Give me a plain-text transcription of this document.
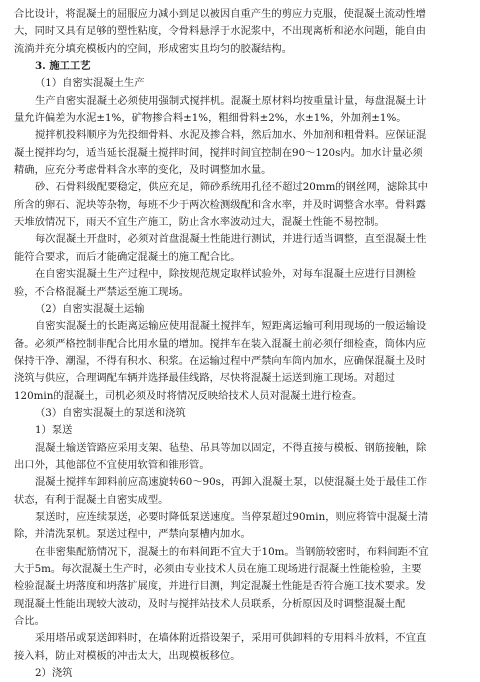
合比设计，将混凝土的屈服应力减小到足以被因自重产生的剪应力克服，使混凝土流动性增
大，同时又具有足够的塑性粘度，令骨料悬浮于水泥浆中，不出现离析和泌水问题，能自由
流淌并充分填充模板内的空间，形成密实且均匀的胶凝结构。
3. 施工工艺
（1）自密实混凝土生产
生产自密实混凝土必须使用强制式搅拌机。混凝土原材料均按重量计量，每盘混凝土计
量允许偏差为水泥±1%，矿物掺合料±1%，粗细骨料±2%，水±1%，外加剂±1%。
搅拌机投料顺序为先投细骨料、水泥及掺合料，然后加水、外加剂和粗骨料。应保证混
凝土搅拌均匀，适当延长混凝土搅拌时间，搅拌时间宜控制在90～120s内。加水计量必须
精确，应充分考虑骨料含水率的变化，及时调整加水量。
砂、石骨料级配要稳定，供应充足，筛砂系统用孔径不超过20mm的钢丝网，滤除其中
所含的卵石、泥块等杂物，每班不少于两次检测级配和含水率，并及时调整含水率。骨料露
天堆放情况下，雨天不宜生产施工，防止含水率波动过大，混凝土性能不易控制。
每次混凝土开盘时，必须对首盘混凝土性能进行测试，并进行适当调整，直至混凝土性
能符合要求，而后才能确定混凝土的施工配合比。
在自密实混凝土生产过程中，除按规范规定取样试验外，对每车混凝土应进行目测检
验，不合格混凝土严禁运至施工现场。
（2）自密实混凝土运输
自密实混凝土的长距离运输应使用混凝土搅拌车，短距离运输可利用现场的一般运输设
备。必须严格控制非配合比用水量的增加。搅拌车在装入混凝土前必须仔细检查，筒体内应
保持干净、潮湿，不得有积水、积浆。在运输过程中严禁向车筒内加水，应确保混凝土及时
浇筑与供应，合理调配车辆并选择最佳线路，尽快将混凝土运送到施工现场。对超过
120min的混凝土，司机必须及时将情况反映给技术人员对混凝土进行检查。
（3）自密实混凝土的泵送和浇筑
1）泵送
混凝土输送管路应采用支架、毡垫、吊具等加以固定，不得直接与模板、钢筋接触，除
出口外，其他部位不宜使用软管和锥形管。
混凝土搅拌车卸料前应高速旋转60～90s，再卸入混凝土泵，以使混凝土处于最佳工作
状态，有利于混凝土自密实成型。
泵送时，应连续泵送，必要时降低泵送速度。当停泵超过90min，则应将管中混凝土清
除，并清洗泵机。泵送过程中，严禁向泵槽内加水。
在非密集配筋情况下，混凝土的布料间距不宜大于10m。当钢筋较密时，布料间距不宜
大于5m。每次混凝土生产时，必须由专业技术人员在施工现场进行混凝土性能检验，主要
检验混凝土坍落度和坍落扩展度，并进行目测，判定混凝土性能是否符合施工技术要求。发
现混凝土性能出现较大波动，及时与搅拌站技术人员联系，分析原因及时调整混凝土配
合比。
采用塔吊或泵送卸料时，在墙体附近搭设架子，采用可供卸料的专用料斗放料，不宜直
接入料，防止对模板的冲击太大，出现模板移位。
2）浇筑
